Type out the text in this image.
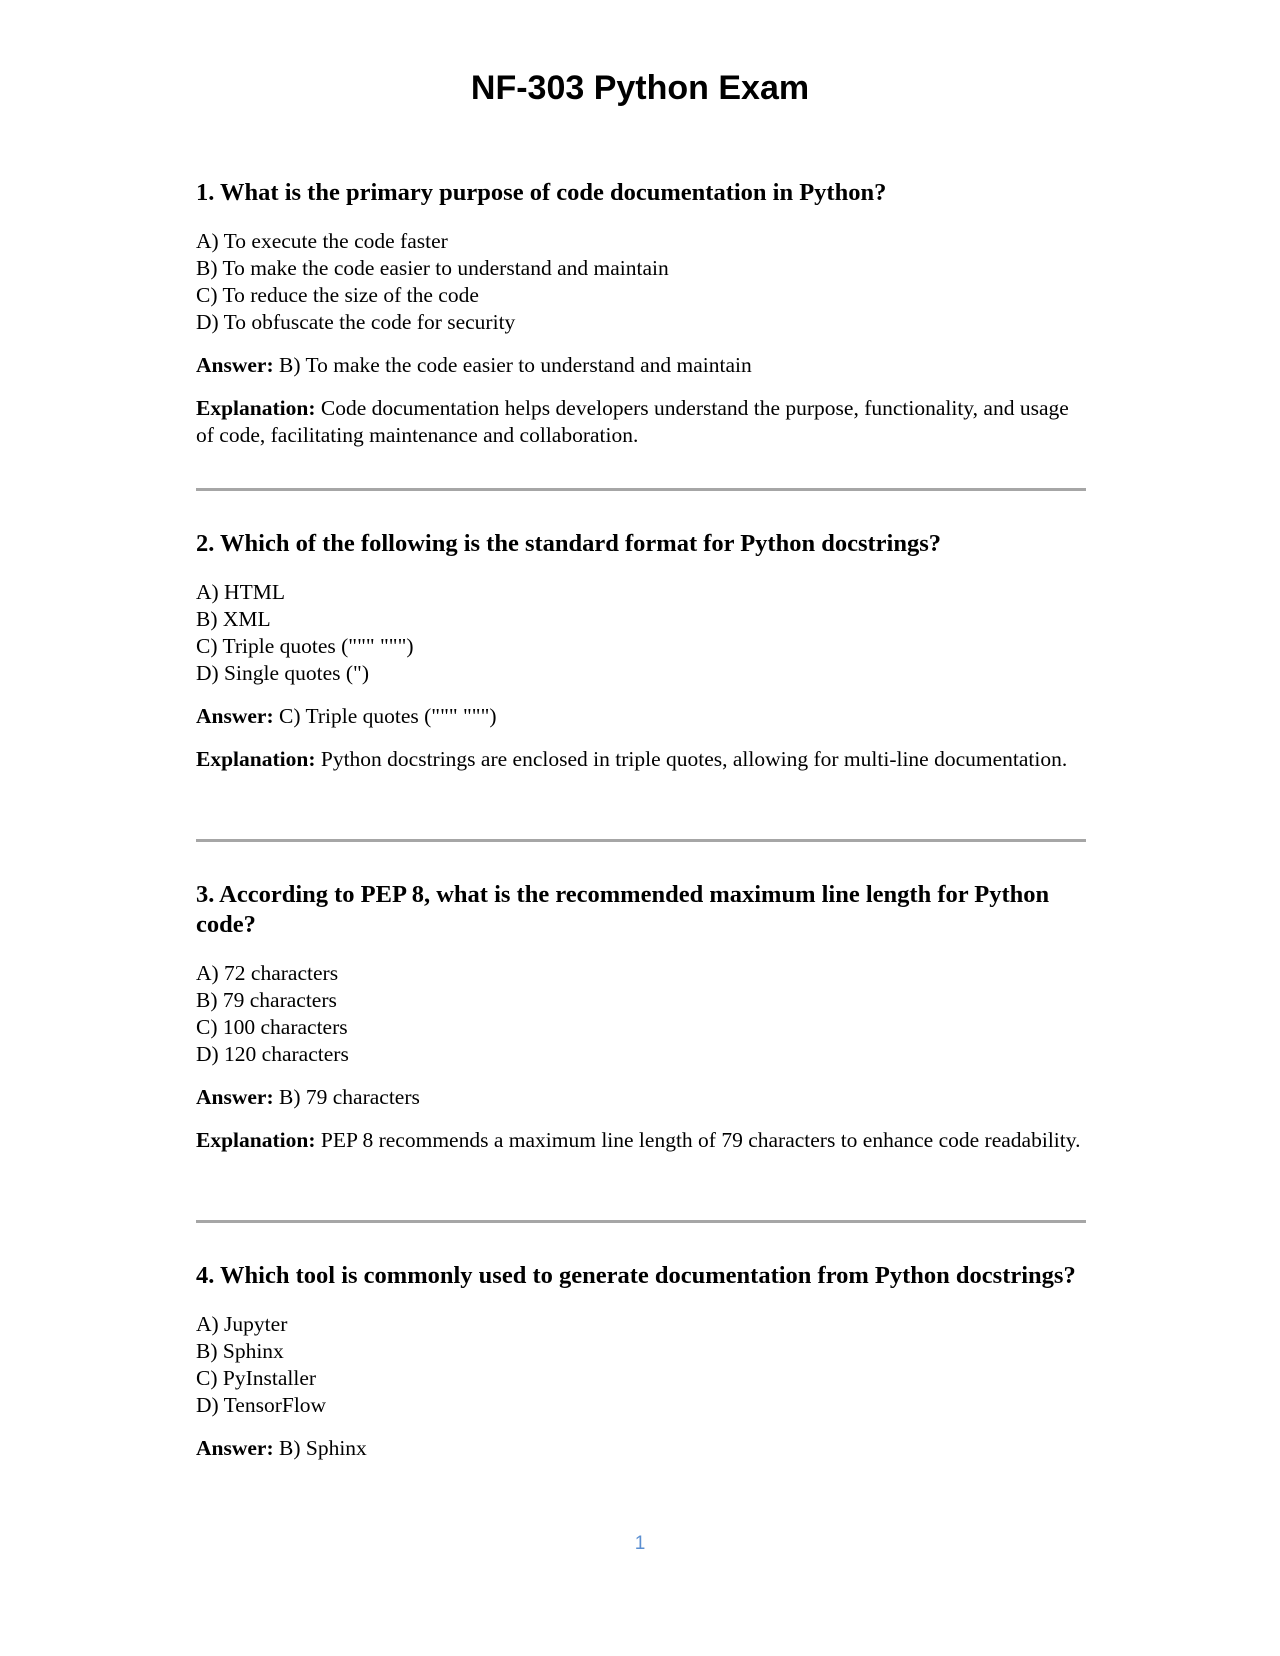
NF-303 Python Exam

1. What is the primary purpose of code documentation in Python?

A) To execute the code faster
B) To make the code easier to understand and maintain
C) To reduce the size of the code
D) To obfuscate the code for security

Answer: B) To make the code easier to understand and maintain

Explanation: Code documentation helps developers understand the purpose, functionality, and usage of code, facilitating maintenance and collaboration.

2. Which of the following is the standard format for Python docstrings?

A) HTML
B) XML
C) Triple quotes (""" """)
D) Single quotes (")

Answer: C) Triple quotes (""" """)

Explanation: Python docstrings are enclosed in triple quotes, allowing for multi-line documentation.

3. According to PEP 8, what is the recommended maximum line length for Python code?

A) 72 characters
B) 79 characters
C) 100 characters
D) 120 characters

Answer: B) 79 characters

Explanation: PEP 8 recommends a maximum line length of 79 characters to enhance code readability.

4. Which tool is commonly used to generate documentation from Python docstrings?

A) Jupyter
B) Sphinx
C) PyInstaller
D) TensorFlow

Answer: B) Sphinx

1
